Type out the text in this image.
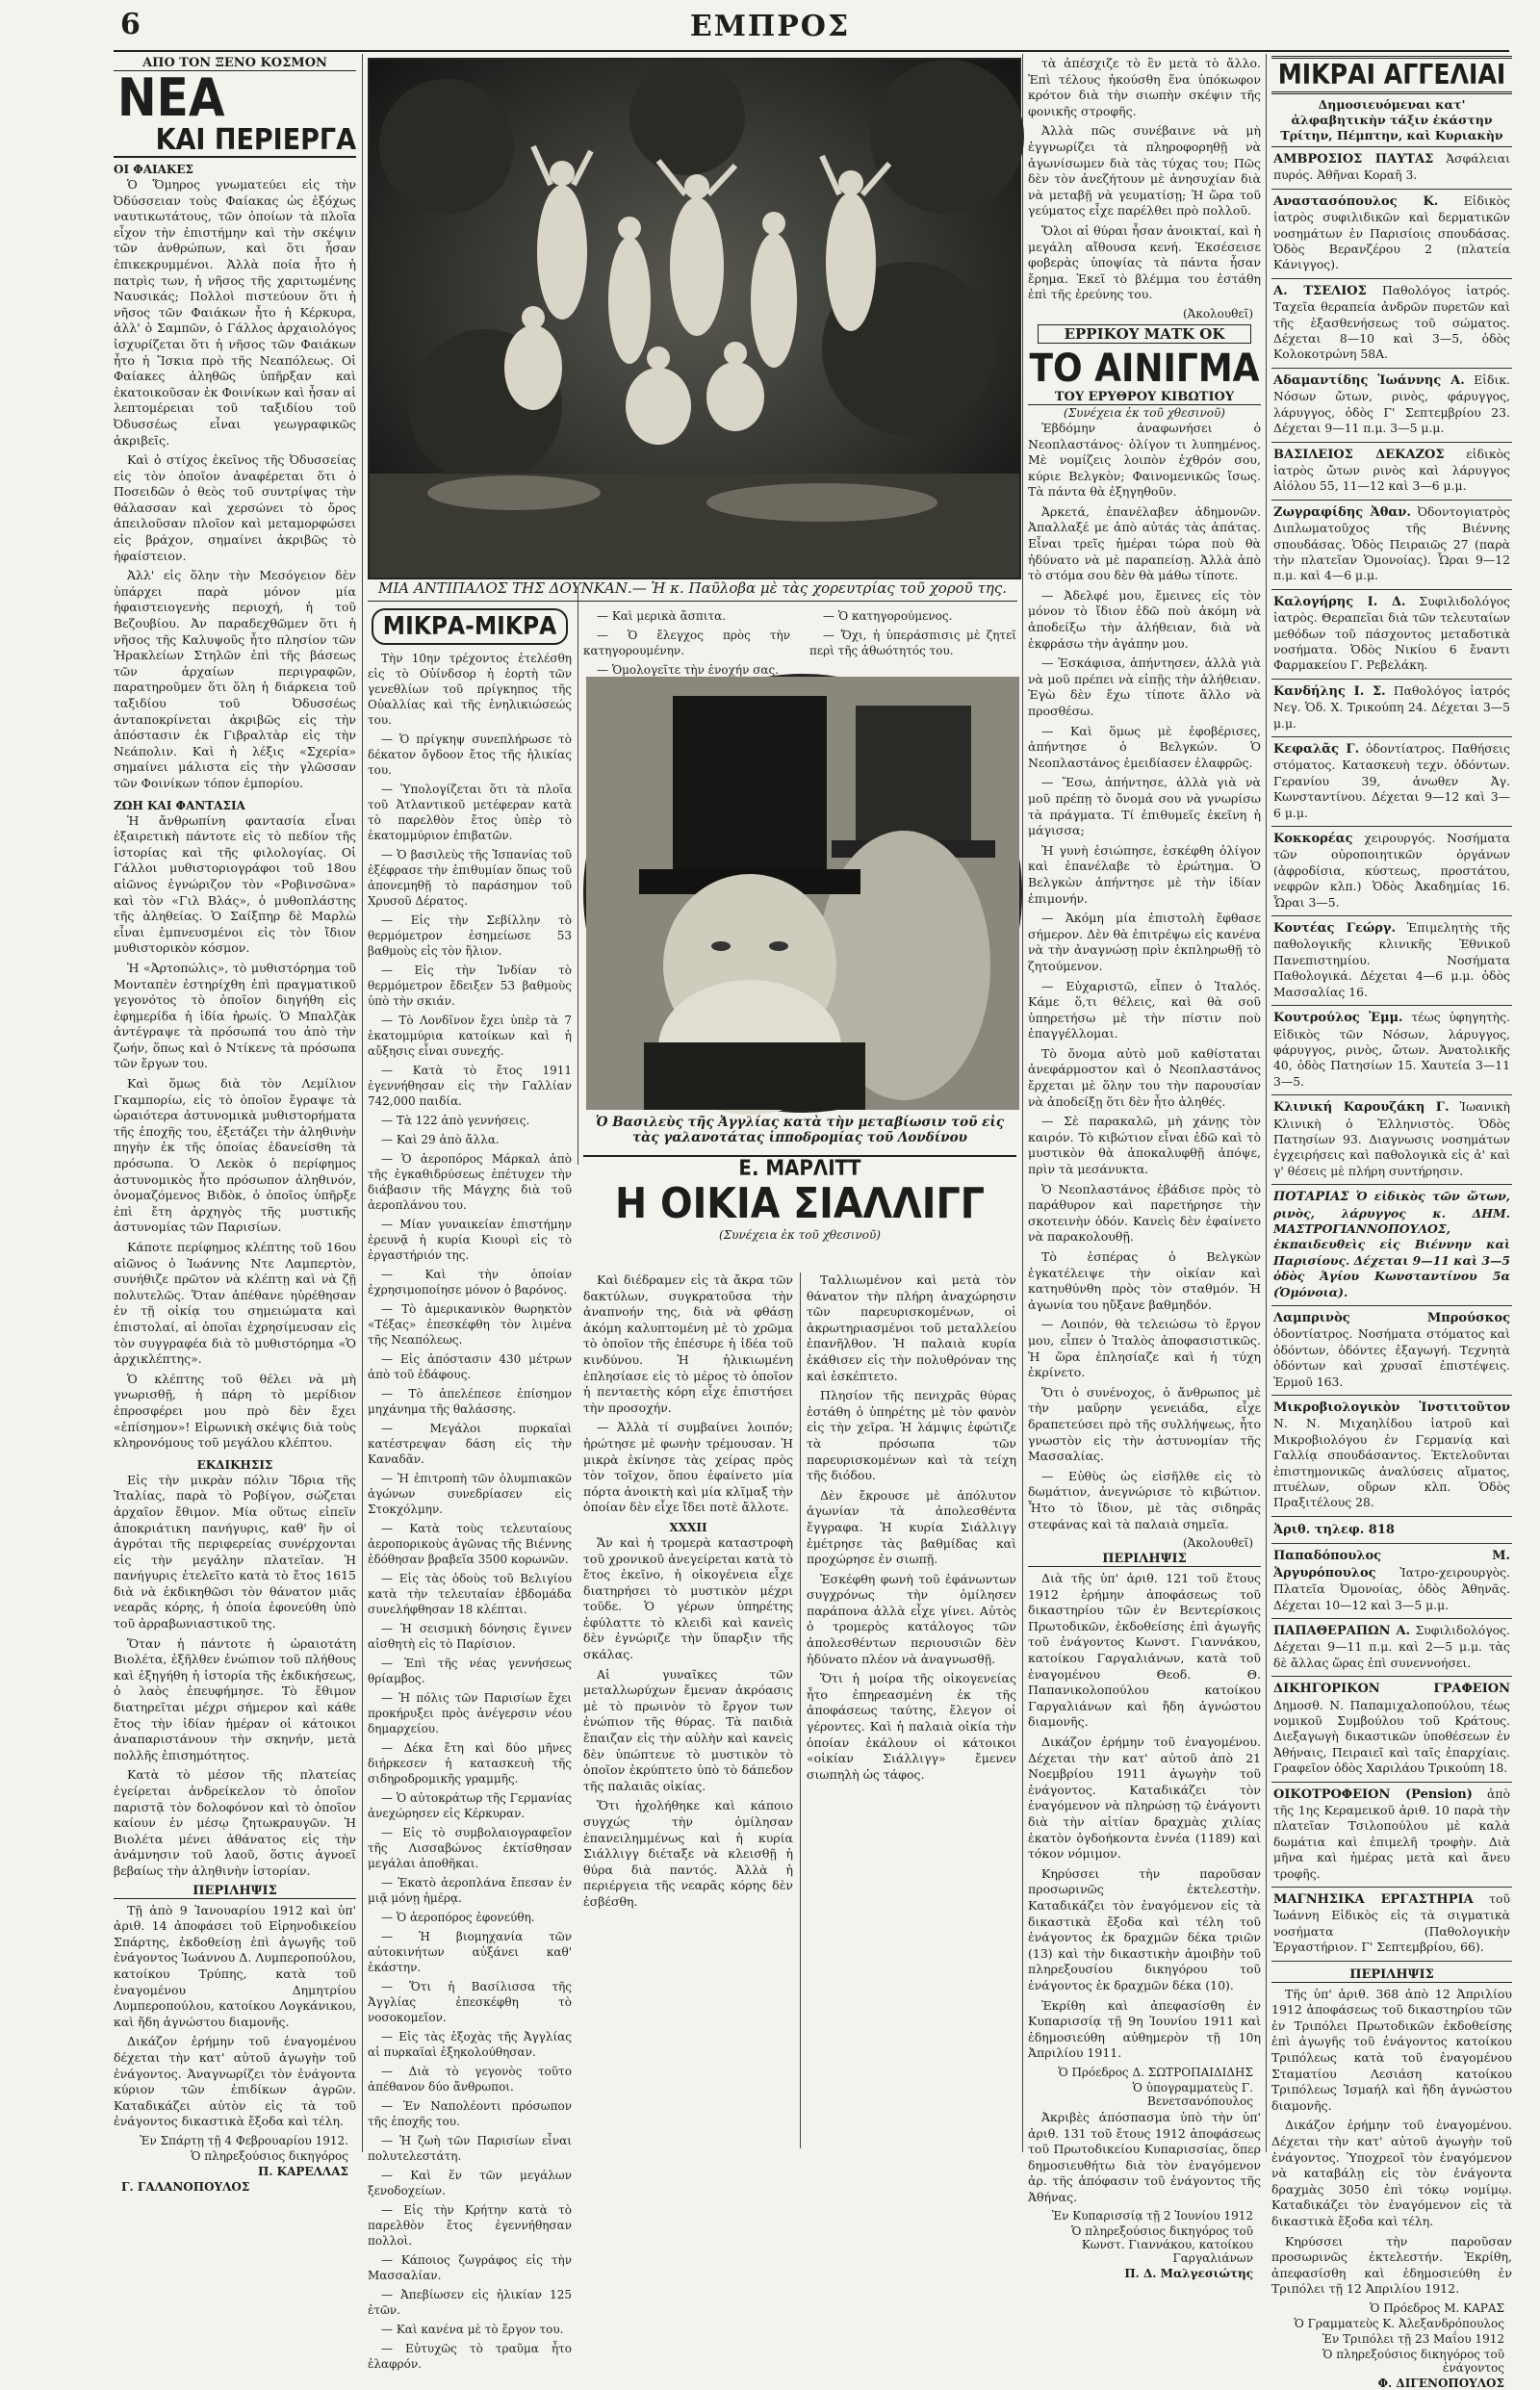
6	ΕΜΠΡΟΣ
ΑΠΟ ΤΟΝ ΞΕΝΟ ΚΟΣΜΟΝ
ΝΕΑ
ΚΑΙ ΠΕΡΙΕΡΓΑ
ΟΙ ΦΑΙΑΚΕΣ

Ὁ Ὅμηρος γνωματεύει εἰς τὴν Ὀδύσσειαν τοὺς Φαίακας ὡς ἐξόχως ναυτικωτάτους, τῶν ὁποίων τὰ πλοῖα εἶχον τὴν ἐπιστήμην καὶ τὴν σκέψιν τῶν ἀνθρώπων, καὶ ὅτι ἦσαν ἐπικεκρυμμένοι. Ἀλλὰ ποία ἦτο ἡ πατρὶς των, ἡ νῆσος τῆς χαριτωμένης Ναυσικάς; Πολλοὶ πιστεύουν ὅτι ἡ νῆσος τῶν Φαιάκων ἦτο ἡ Κέρκυρα, ἀλλ' ὁ Σαμπῶν, ὁ Γάλλος ἀρχαιολόγος ἰσχυρίζεται ὅτι ἡ νῆσος τῶν Φαιάκων ἦτο ἡ Ἴσκια πρὸ τῆς Νεαπόλεως. Οἱ Φαίακες ἀληθῶς ὑπῆρξαν καὶ ἐκατοικοῦσαν ἐκ Φοινίκων καὶ ἦσαν αἱ λεπτομέρειαι τοῦ ταξιδίου τοῦ Ὀδυσσέως εἶναι γεωγραφικῶς ἀκριβεῖς.

Καὶ ὁ στίχος ἐκεῖνος τῆς Ὀδυσσείας εἰς τὸν ὁποῖον ἀναφέρεται ὅτι ὁ Ποσειδῶν ὁ θεὸς τοῦ συντρίψας τὴν θάλασσαν καὶ χερσώνει τὸ ὄρος ἀπειλοῦσαν πλοῖον καὶ μεταμορφώσει εἰς βράχον, σημαίνει ἀκριβῶς τὸ ἠφαίστειον.

Ἀλλ' εἰς ὅλην τὴν Μεσόγειον δὲν ὑπάρχει παρὰ μόνον μία ἠφαιστειογενὴς περιοχή, ἡ τοῦ Βεζουβίου. Ἀν παραδεχθῶμεν ὅτι ἡ νῆσος τῆς Καλυψοῦς ἦτο πλησίον τῶν Ἡρακλείων Στηλῶν ἐπὶ τῆς βάσεως τῶν ἀρχαίων περιγραφῶν, παρατηροῦμεν ὅτι ὅλη ἡ διάρκεια τοῦ ταξιδίου τοῦ Ὀδυσσέως ἀνταποκρίνεται ἀκριβῶς εἰς τὴν ἀπόστασιν ἐκ Γιβραλτὰρ εἰς τὴν Νεάπολιν. Καὶ ἡ λέξις «Σχερία» σημαίνει μάλιστα εἰς τὴν γλῶσσαν τῶν Φοινίκων τόπον ἐμπορίου.

ΖΩΗ ΚΑΙ ΦΑΝΤΑΣΙΑ

Ἡ ἄνθρωπίνη φαντασία εἶναι ἐξαιρετικὴ πάντοτε εἰς τὸ πεδίον τῆς ἱστορίας καὶ τῆς φιλολογίας. Οἱ Γάλλοι μυθιστοριογράφοι τοῦ 18ου αἰῶνος ἐγνώριζον τὸν «Ροβινσῶνα» καὶ τὸν «Γιλ Βλάς», ὁ μυθοπλάστης τῆς ἀληθείας. Ὁ Σαίξπηρ δὲ Μαρλὼ εἶναι ἐμπνευσμένοι εἰς τὸν ἴδιον μυθιστορικὸν κόσμον.

Ἡ «Ἀρτοπώλις», τὸ μυθιστόρημα τοῦ Μονταπὲν ἐστηρίχθη ἐπὶ πραγματικοῦ γεγονότος τὸ ὁποῖον διηγήθη εἰς ἐφημερίδα ἡ ἰδία ἡρωίς. Ὁ Μπαλζὰκ ἀντέγραψε τὰ πρόσωπά του ἀπὸ τὴν ζωήν, ὅπως καὶ ὁ Ντίκενς τὰ πρόσωπα τῶν ἔργων του.

Καὶ ὅμως διὰ τὸν Λεμίλιον Γκαμπορίω, εἰς τὸ ὁποῖον ἔγραψε τὰ ὡραιότερα ἀστυνομικὰ μυθιστορήματα τῆς ἐποχῆς του, ἐξετάζει τὴν ἀληθινὴν πηγὴν ἐκ τῆς ὁποίας ἐδανείσθη τὰ πρόσωπα. Ὁ Λεκὸκ ὁ περίφημος ἀστυνομικὸς ἦτο πρόσωπον ἀληθινόν, ὀνομαζόμενος Βιδὸκ, ὁ ὁποῖος ὑπῆρξε ἐπὶ ἔτη ἀρχηγὸς τῆς μυστικῆς ἀστυνομίας τῶν Παρισίων.

Κάποτε περίφημος κλέπτης τοῦ 16ου αἰῶνος ὁ Ἰωάννης Ντε Λαμπερτὸν, συνήθιζε πρῶτον νὰ κλέπτῃ καὶ νὰ ζῇ πολυτελῶς. Ὅταν ἀπέθανε ηὑρέθησαν ἐν τῇ οἰκίᾳ του σημειώματα καὶ ἐπιστολαί, αἱ ὁποῖαι ἐχρησίμευσαν εἰς τὸν συγγραφέα διὰ τὸ μυθιστόρημα «Ὁ ἀρχικλέπτης».

Ὁ κλέπτης τοῦ θέλει νὰ μὴ γνωρισθῇ, ἡ πάρη τὸ μερίδιον ἐπροσφέρει μου πρὸ δὲν ἔχει «ἐπίσημον»! Εἰρωνικὴ σκέψις διὰ τοὺς κληρονόμους τοῦ μεγάλου κλέπτου.

ΕΚΔΙΚΗΣΙΣ

Εἰς τὴν μικρὰν πόλιν Ἴδρια τῆς Ἰταλίας, παρὰ τὸ Ροβίγον, σώζεται ἀρχαῖον ἔθιμον. Μία οὕτως εἰπεῖν ἀποκριάτικη πανήγυρις, καθ' ἣν οἱ ἀγρόται τῆς περιφερείας συνέρχονται εἰς τὴν μεγάλην πλατεῖαν. Ἡ πανήγυρις ἐτελεῖτο κατὰ τὸ ἔτος 1615 διὰ νὰ ἐκδικηθῶσι τὸν θάνατον μιᾶς νεαρᾶς κόρης, ἡ ὁποία ἐφονεύθη ὑπὸ τοῦ ἀρραβωνιαστικοῦ της.

Ὅταν ἡ πάντοτε ἡ ὡραιοτάτη Βιολέτα, ἐξῆλθεν ἐνώπιον τοῦ πλήθους καὶ ἐξηγήθη ἡ ἱστορία τῆς ἐκδικήσεως, ὁ λαὸς ἐπευφήμησε. Τὸ ἔθιμον διατηρεῖται μέχρι σήμερον καὶ κάθε ἔτος τὴν ἰδίαν ἡμέραν οἱ κάτοικοι ἀναπαριστάνουν τὴν σκηνήν, μετὰ πολλῆς ἐπισημότητος.

Κατὰ τὸ μέσον τῆς πλατείας ἐγείρεται ἀνδρείκελον τὸ ὁποῖον παριστᾷ τὸν δολοφόνον καὶ τὸ ὁποῖον καίουν ἐν μέσῳ ζητωκραυγῶν. Ἡ Βιολέτα μένει ἀθάνατος εἰς τὴν ἀνάμνησιν τοῦ λαοῦ, ὅστις ἀγνοεῖ βεβαίως τὴν ἀληθινὴν ἱστορίαν.

ΠΕΡΙΛΗΨΙΣ

Τῇ ἀπὸ 9 Ἰανουαρίου 1912 καὶ ὑπ' ἀριθ. 14 ἀποφάσει τοῦ Εἰρηνοδικείου Σπάρτης, ἐκδοθείσῃ ἐπὶ ἀγωγῆς τοῦ ἐνάγοντος Ἰωάννου Δ. Λυμπεροπούλου, κατοίκου Τρύπης, κατὰ τοῦ ἐναγομένου Δημητρίου Λυμπεροπούλου, κατοίκου Λογκάνικου, καὶ ἤδη ἀγνώστου διαμονῆς.

Δικάζον ἐρήμην τοῦ ἐναγομένου δέχεται τὴν κατ' αὐτοῦ ἀγωγὴν τοῦ ἐνάγοντος. Ἀναγνωρίζει τὸν ἐνάγοντα κύριον τῶν ἐπιδίκων ἀγρῶν. Καταδικάζει αὐτὸν εἰς τὰ τοῦ ἐνάγοντος δικαστικὰ ἔξοδα καὶ τέλη.

Ἐν Σπάρτῃ τῇ 4 Φεβρουαρίου 1912.
Ὁ πληρεξούσιος δικηγόρος
Π. ΚΑΡΕΛΛΑΣ
Γ. ΓΑΛΑΝΟΠΟΥΛΟΣ
ΜΙΑ ΑΝΤΙΠΑΛΟΣ ΤΗΣ ΔΟΥΝΚΑΝ.— Ἡ κ. Παῦλοβα μὲ τὰς χορευτρίας τοῦ χοροῦ της.
ΜΙΚΡΑ-ΜΙΚΡΑ

Τὴν 10ην τρέχοντος ἐτελέσθη εἰς τὸ Οὐίνδσορ ἡ ἑορτὴ τῶν γενεθλίων τοῦ πρίγκηπος τῆς Οὐαλλίας καὶ τῆς ἐνηλικιώσεώς του.

— Ὁ πρίγκηψ συνεπλήρωσε τὸ δέκατον ὄγδοον ἔτος τῆς ἡλικίας του.

— Ὑπολογίζεται ὅτι τὰ πλοῖα τοῦ Ἀτλαντικοῦ μετέφεραν κατὰ τὸ παρελθὸν ἔτος ὑπὲρ τὸ ἑκατομμύριον ἐπιβατῶν.

— Ὁ βασιλεὺς τῆς Ἱσπανίας τοῦ ἐξέφρασε τὴν ἐπιθυμίαν ὅπως τοῦ ἀπονεμηθῇ τὸ παράσημον τοῦ Χρυσοῦ Δέρατος.

— Εἰς τὴν Σεβίλλην τὸ θερμόμετρον ἐσημείωσε 53 βαθμοὺς εἰς τὸν ἥλιον.

— Εἰς τὴν Ἰνδίαν τὸ θερμόμετρον ἔδειξεν 53 βαθμοὺς ὑπὸ τὴν σκιάν.

— Τὸ Λονδῖνον ἔχει ὑπὲρ τὰ 7 ἑκατομμύρια κατοίκων καὶ ἡ αὔξησις εἶναι συνεχής.

— Κατὰ τὸ ἔτος 1911 ἐγεννήθησαν εἰς τὴν Γαλλίαν 742,000 παιδία.

— Τὰ 122 ἀπὸ γεννήσεις.

— Καὶ 29 ἀπὸ ἄλλα.

— Ὁ ἀεροπόρος Μάρκαλ ἀπὸ τῆς ἐγκαθιδρύσεως ἐπέτυχεν τὴν διάβασιν τῆς Μάγχης διὰ τοῦ ἀεροπλάνου του.

— Μίαν γυναικείαν ἐπιστήμην ἐρευνᾷ ἡ κυρία Κιουρὶ εἰς τὸ ἐργαστήριόν της.

— Καὶ τὴν ὁποίαν ἐχρησιμοποίησε μόνον ὁ βαρόνος.

— Τὸ ἀμερικανικὸν θωρηκτὸν «Τέξας» ἐπεσκέφθη τὸν λιμένα τῆς Νεαπόλεως.

— Εἰς ἀπόστασιν 430 μέτρων ἀπὸ τοῦ ἐδάφους.

— Τὸ ἀπελέπεσε ἐπίσημον μηχάνημα τῆς θαλάσσης.

— Μεγάλοι πυρκαϊαὶ κατέστρεψαν δάση εἰς τὴν Καναδᾶν.

— Ἡ ἐπιτροπὴ τῶν ὀλυμπιακῶν ἀγώνων συνεδρίασεν εἰς Στοκχόλμην.

— Κατὰ τοὺς τελευταίους ἀεροπορικοὺς ἀγῶνας τῆς Βιέννης ἐδόθησαν βραβεῖα 3500 κορωνῶν.

— Εἰς τὰς ὁδοὺς τοῦ Βελιγίου κατὰ τὴν τελευταίαν ἑβδομάδα συνελήφθησαν 18 κλέπται.

— Ἡ σεισμικὴ δόνησις ἔγινεν αἰσθητὴ εἰς τὸ Παρίσιον.

— Ἐπὶ τῆς νέας γεννήσεως θρίαμβος.

— Ἡ πόλις τῶν Παρισίων ἔχει προκήρυξει πρὸς ἀνέγερσιν νέου δημαρχείου.

— Δέκα ἔτη καὶ δύο μῆνες διήρκεσεν ἡ κατασκευὴ τῆς σιδηροδρομικῆς γραμμῆς.

— Ὁ αὐτοκράτωρ τῆς Γερμανίας ἀνεχώρησεν εἰς Κέρκυραν.

— Εἰς τὸ συμβολαιογραφεῖον τῆς Λισσαβώνος ἐκτίσθησαν μεγάλαι ἀποθῆκαι.

— Ἐκατὸ ἀεροπλάνα ἔπεσαν ἐν μιᾷ μόνῃ ἡμέρᾳ.

— Ὁ ἀεροπόρος ἐφονεύθη.

— Ἡ βιομηχανία τῶν αὐτοκινήτων αὐξάνει καθ' ἑκάστην.

— Ὅτι ἡ Βασίλισσα τῆς Ἀγγλίας ἐπεσκέφθη τὸ νοσοκομεῖον.

— Εἰς τὰς ἐξοχὰς τῆς Ἀγγλίας αἱ πυρκαϊαὶ ἐξηκολούθησαν.

— Διὰ τὸ γεγονὸς τοῦτο ἀπέθανον δύο ἄνθρωποι.

— Ἐν Ναπολέοντι πρόσωπον τῆς ἐποχῆς του.

— Ἡ ζωὴ τῶν Παρισίων εἶναι πολυτελεστάτη.

— Καὶ ἕν τῶν μεγάλων ξενοδοχείων.

— Εἰς τὴν Κρήτην κατὰ τὸ παρελθὸν ἔτος ἐγεννήθησαν πολλοὶ.

— Κάποιος ζωγράφος εἰς τὴν Μασσαλίαν.

— Ἀπεβίωσεν εἰς ἡλικίαν 125 ἐτῶν.

— Καὶ κανένα μὲ τὸ ἔργον του.

— Εὐτυχῶς τὸ τραῦμα ἦτο ἐλαφρόν.

— Καὶ μερικὰ ἄσπιτα.

— Ὁ ἔλεγχος πρὸς τὴν κατηγορουμένην.

— Ὁμολογεῖτε τὴν ἐνοχήν σας.

— Ὁ κατηγορούμενος.

— Ὄχι, ἡ ὑπεράσπισις μὲ ζητεῖ περὶ τῆς ἀθωότητός του.

Ὁ Βασιλεὺς τῆς Ἀγγλίας κατὰ τὴν μεταβίωσιν τοῦ εἰς τὰς γαλανοτάτας ἱπποδρομίας τοῦ Λονδίνου
Ε. ΜΑΡΛΙΤΤ
Η ΟΙΚΙΑ ΣΙΑΛΛΙΓΓ
(Συνέχεια ἐκ τοῦ χθεσινοῦ)

Καὶ διέδραμεν εἰς τὰ ἄκρα τῶν δακτύλων, συγκρατοῦσα τὴν ἀναπνοήν της, διὰ νὰ φθάσῃ ἀκόμη καλυπτομένη μὲ τὸ χρῶμα τὸ ὁποῖον τῆς ἐπέσυρε ἡ ἰδέα τοῦ κινδύνου. Ἡ ἡλικιωμένη ἐπλησίασε εἰς τὸ μέρος τὸ ὁποῖον ἡ πενταετὴς κόρη εἶχε ἐπιστήσει τὴν προσοχήν.

— Ἀλλὰ τί συμβαίνει λοιπόν; ἠρώτησε μὲ φωνὴν τρέμουσαν. Ἡ μικρὰ ἐκίνησε τὰς χείρας πρὸς τὸν τοῖχον, ὅπου ἐφαίνετο μία πόρτα ἀνοικτὴ καὶ μία κλῖμαξ τὴν ὁποίαν δὲν εἶχε ἴδει ποτὲ ἄλλοτε.

XXXII

Ἄν καὶ ἡ τρομερὰ καταστροφὴ τοῦ χρονικοῦ ἀνεγείρεται κατὰ τὸ ἔτος ἐκεῖνο, ἡ οἰκογένεια εἶχε διατηρήσει τὸ μυστικὸν μέχρι τοῦδε. Ὁ γέρων ὑπηρέτης ἐφύλαττε τὸ κλειδὶ καὶ κανεὶς δὲν ἐγνώριζε τὴν ὕπαρξιν τῆς σκάλας.

Αἱ γυναῖκες τῶν μεταλλωρύχων ἔμεναν ἀκρόασις μὲ τὸ πρωινὸν τὸ ἔργον των ἐνώπιον τῆς θύρας. Τὰ παιδιὰ ἔπαιζαν εἰς τὴν αὐλὴν καὶ κανεὶς δὲν ὑπώπτευε τὸ μυστικὸν τὸ ὁποῖον ἐκρύπτετο ὑπὸ τὸ δάπεδον τῆς παλαιᾶς οἰκίας.

Ὅτι ἠχολήθηκε καὶ κάποιο συγχώς τὴν ὁμίλησαν ἐπανειλημμένως καὶ ἡ κυρία Σιάλλιγγ διέταξε νὰ κλεισθῇ ἡ θύρα διὰ παντός. Ἀλλὰ ἡ περιέργεια τῆς νεαρᾶς κόρης δὲν ἐσβέσθη.

Ταλλιωμένον καὶ μετὰ τὸν θάνατον τὴν πλήρη ἀναχώρησιν τῶν παρευρισκομένων, οἱ ἀκρωτηριασμένοι τοῦ μεταλλείου ἐπανῆλθον. Ἡ παλαιὰ κυρία ἐκάθισεν εἰς τὴν πολυθρόναν της καὶ ἐσκέπτετο.

Πλησίον τῆς πενιχρᾶς θύρας ἐστάθη ὁ ὑπηρέτης μὲ τὸν φανὸν εἰς τὴν χεῖρα. Ἡ λάμψις ἐφώτιζε τὰ πρόσωπα τῶν παρευρισκομένων καὶ τὰ τείχη τῆς διόδου.

Δὲν ἔκρουσε μὲ ἀπόλυτον ἀγωνίαν τὰ ἀπολεσθέντα ἔγγραφα. Ἡ κυρία Σιάλλιγγ ἐμέτρησε τὰς βαθμίδας καὶ προχώρησε ἐν σιωπῇ.

Ἐσκέφθη φωνὴ τοῦ ἐφάνωντων συγχρόνως τὴν ὁμίλησεν παράπονα ἀλλὰ εἶχε γίνει. Αὐτὸς ὁ τρομερὸς κατάλογος τῶν ἀπολεσθέντων περιουσιῶν δὲν ἠδύνατο πλέον νὰ ἀναγνωσθῇ.

Ὅτι ἡ μοίρα τῆς οἰκογενείας ἦτο ἐπηρεασμένη ἐκ τῆς ἀποφάσεως ταύτης, ἔλεγον οἱ γέροντες. Καὶ ἡ παλαιὰ οἰκία τὴν ὁποίαν ἐκάλουν οἱ κάτοικοι «οἰκίαν Σιάλλιγγ» ἔμενεν σιωπηλὴ ὡς τάφος.

τὰ ἀπέσχιζε τὸ ἓν μετὰ τὸ ἄλλο. Ἐπὶ τέλους ἠκούσθη ἕνα ὑπόκωφον κρότον διὰ τὴν σιωπὴν σκέψιν τῆς φονικῆς στροφῆς.

Ἀλλὰ πῶς συνέβαινε νὰ μὴ ἐγγνωρίζει τὰ πληροφορηθῇ νὰ ἀγωνίσωμεν διὰ τὰς τύχας του; Πῶς δὲν τὸν ἀνεζήτουν μὲ ἀνησυχίαν διὰ νὰ μεταβῇ νὰ γευματίσῃ; Ἡ ὥρα τοῦ γεύματος εἶχε παρέλθει πρὸ πολλοῦ.

Ὅλοι αἱ θύραι ἦσαν ἀνοικταί, καὶ ἡ μεγάλη αἴθουσα κενή. Ἐκσέσεισε φοβερὰς ὑποψίας τὰ πάντα ἦσαν ἔρημα. Ἐκεῖ τὸ βλέμμα του ἐστάθη ἐπὶ τῆς ἐρεύνης του.

(Ἀκολουθεῖ)
ΕΡΡΙΚΟΥ ΜΑΤΚ ΟΚ
ΤΟ ΑΙΝΙΓΜΑ
ΤΟΥ ΕΡΥΘΡΟΥ ΚΙΒΩΤΙΟΥ
(Συνέχεια ἐκ τοῦ χθεσινοῦ)

Ἐβδόμην ἀναφωνήσει ὁ Νεοπλαστάνος· ὀλίγον τι λυπημένος. Μὲ νομίζεις λοιπὸν ἐχθρόν σου, κύριε Βελγκὸν; Φαινομενικῶς ἴσως. Τὰ πάντα θὰ ἐξηγηθοῦν.

Ἀρκετά, ἐπανέλαβεν ἀδημονῶν. Ἀπαλλαξέ με ἀπὸ αὐτάς τὰς ἀπάτας. Εἶναι τρεῖς ἡμέραι τώρα ποὺ θὰ ἠδύνατο νὰ μὲ παραπείσῃ. Ἀλλὰ ἀπὸ τὸ στόμα σου δὲν θὰ μάθω τίποτε.

— Ἀδελφέ μου, ἔμεινες εἰς τὸν μόνον τὸ ἴδιον ἐδῶ ποὺ ἀκόμη νὰ ἀποδείξω τὴν ἀλήθειαν, διὰ νὰ ἐκφράσω τὴν ἀγάπην μου.

— Ἐσκάφισα, ἀπήντησεν, ἀλλὰ γιὰ νὰ μοῦ πρέπει νὰ εἰπῇς τὴν ἀλήθειαν. Ἐγὼ δὲν ἔχω τίποτε ἄλλο νὰ προσθέσω.

— Καὶ ὅμως μὲ ἐφοβέρισες, ἀπήντησε ὁ Βελγκών. Ὁ Νεοπλαστάνος ἐμειδίασεν ἐλαφρῶς.

— Ἔσω, ἀπήντησε, ἀλλὰ γιὰ νὰ μοῦ πρέπῃ τὸ ὄνομά σου νὰ γνωρίσω τὰ πράγματα. Τί ἐπιθυμεῖς ἐκεῖνη ἡ μάγισσα;

Ἡ γυνὴ ἐσιώπησε, ἐσκέφθη ὀλίγον καὶ ἐπανέλαβε τὸ ἐρώτημα. Ὁ Βελγκὼν ἀπήντησε μὲ τὴν ἰδίαν ἐπιμονήν.

— Ἀκόμη μία ἐπιστολὴ ἔφθασε σήμερον. Δὲν θὰ ἐπιτρέψω εἰς κανένα νὰ τὴν ἀναγνώσῃ πρὶν ἐκπληρωθῇ τὸ ζητούμενον.

— Εὐχαριστῶ, εἶπεν ὁ Ἰταλός. Κάμε ὅ,τι θέλεις, καὶ θὰ σοῦ ὑπηρετήσω μὲ τὴν πίστιν ποὺ ἐπαγγέλλομαι.

Τὸ ὄνομα αὐτὸ μοῦ καθίσταται ἀνεφάρμοστον καὶ ὁ Νεοπλαστάνος ἔρχεται μὲ ὅλην του τὴν παρουσίαν νὰ ἀποδείξῃ ὅτι δὲν ἦτο ἀληθές.

— Σὲ παρακαλῶ, μὴ χάνῃς τὸν καιρόν. Τὸ κιβώτιον εἶναι ἐδῶ καὶ τὸ μυστικὸν θὰ ἀποκαλυφθῇ ἀπόψε, πρὶν τὰ μεσάνυκτα.

Ὁ Νεοπλαστάνος ἐβάδισε πρὸς τὸ παράθυρον καὶ παρετήρησε τὴν σκοτεινὴν ὁδόν. Κανεὶς δὲν ἐφαίνετο νὰ παρακολουθῇ.

Τὸ ἑσπέρας ὁ Βελγκὼν ἐγκατέλειψε τὴν οἰκίαν καὶ κατηυθύνθη πρὸς τὸν σταθμόν. Ἡ ἀγωνία του ηὔξανε βαθμηδόν.

— Λοιπόν, θὰ τελειώσω τὸ ἔργον μου, εἶπεν ὁ Ἰταλὸς ἀποφασιστικῶς. Ἡ ὥρα ἐπλησίαζε καὶ ἡ τύχη ἐκρίνετο.

Ὅτι ὁ συνένοχος, ὁ ἄνθρωπος μὲ τὴν μαῦρην γενειάδα, εἶχε δραπετεύσει πρὸ τῆς συλλήψεως, ἦτο γνωστὸν εἰς τὴν ἀστυνομίαν τῆς Μασσαλίας.

— Εὐθὺς ὡς εἰσῆλθε εἰς τὸ δωμάτιον, ἀνεγνώρισε τὸ κιβώτιον. Ἦτο τὸ ἴδιον, μὲ τὰς σιδηρᾶς στεφάνας καὶ τὰ παλαιὰ σημεῖα.

(Ἀκολουθεῖ)
ΠΕΡΙΛΗΨΙΣ

Διὰ τῆς ὑπ' ἀριθ. 121 τοῦ ἔτους 1912 ἐρήμην ἀποφάσεως τοῦ δικαστηρίου τῶν ἐν Βεντερίσκοις Πρωτοδικῶν, ἐκδοθείσης ἐπὶ ἀγωγῆς τοῦ ἐνάγοντος Κωνστ. Γιαννάκου, κατοίκου Γαργαλιάνων, κατὰ τοῦ ἐναγομένου Θεοδ. Θ. Παπανικολοπούλου κατοίκου Γαργαλιάνων καὶ ἤδη ἀγνώστου διαμονῆς.

Δικάζον ἐρήμην τοῦ ἐναγομένου. Δέχεται τὴν κατ' αὐτοῦ ἀπὸ 21 Νοεμβρίου 1911 ἀγωγὴν τοῦ ἐνάγοντος. Καταδικάζει τὸν ἐναγόμενον νὰ πληρώσῃ τῷ ἐνάγοντι διὰ τὴν αἰτίαν δραχμὰς χιλίας ἑκατὸν ὀγδοήκοντα ἐννέα (1189) καὶ τόκον νόμιμον.

Κηρύσσει τὴν παροῦσαν προσωρινῶς ἐκτελεστὴν. Καταδικάζει τὸν ἐναγόμενον εἰς τὰ δικαστικὰ ἔξοδα καὶ τέλη τοῦ ἐνάγοντος ἐκ δραχμῶν δέκα τριῶν (13) καὶ τὴν δικαστικὴν ἀμοιβὴν τοῦ πληρεξουσίου δικηγόρου τοῦ ἐνάγοντος ἐκ δραχμῶν δέκα (10).

Ἐκρίθη καὶ ἀπεφασίσθη ἐν Κυπαρισσίᾳ τῇ 9η Ἰουνίου 1911 καὶ ἐδημοσιεύθη αὐθημερὸν τῇ 10η Ἀπριλίου 1911.

Ὁ Πρόεδρος Δ. ΣΩΤΡΟΠΑΙΔΙΔΗΣ
Ὁ ὑπογραμματεὺς Γ. Βενετσανόπουλος

Ἀκριβὲς ἀπόσπασμα ὑπὸ τὴν ὑπ' ἀριθ. 131 τοῦ ἔτους 1912 ἀποφάσεως τοῦ Πρωτοδικείου Κυπαρισσίας, ὅπερ δημοσιευθήτω διὰ τὸν ἐναγόμενον ἀρ. τῆς ἀπόφασιν τοῦ ἐνάγοντος τῆς Ἀθήνας.

Ἐν Κυπαρισσίᾳ τῇ 2 Ἰουνίου 1912
Ὁ πληρεξούσιος δικηγόρος τοῦ Κωνστ. Γιαννάκου, κατοίκου Γαργαλιάνων
Π. Δ. Μαλγεσιώτης
ΜΙΚΡΑΙ ΑΓΓΕΛΙΑΙ
Δημοσιευόμεναι κατ' ἀλφαβητικὴν τάξιν ἑκάστην Τρίτην, Πέμπτην, καὶ Κυριακὴν
ΑΜΒΡΟΣΙΟΣ ΠΑΥΤΑΣ Ἀσφάλειαι πυρός. Ἀθῆναι Κοραῆ 3.
Αναστασόπουλος Κ. Εἰδικὸς ἰατρὸς συφιλιδικῶν καὶ δερματικῶν νοσημάτων ἐν Παρισίοις σπουδάσας. Ὁδὸς Βερανζέρου 2 (πλατεία Κάνιγγος).
Α. ΤΣΕΛΙΟΣ Παθολόγος ἰατρός. Ταχεῖα θεραπεία ἀνδρῶν πυρετῶν καὶ τῆς ἑξασθενήσεως τοῦ σώματος. Δέχεται 8—10 καὶ 3—5, ὁδὸς Κολοκοτρώνη 58Α.
Αδαμαντίδης Ἰωάννης Α. Εἰδικ. Νόσων ὤτων, ρινὸς, φάρυγγος, λάρυγγος, ὁδὸς Γ' Σεπτεμβρίου 23. Δέχεται 9—11 π.μ. 3—5 μ.μ.
ΒΑΣΙΛΕΙΟΣ ΔΕΚΑΖΟΣ εἰδικὸς ἰατρὸς ὤτων ρινὸς καὶ λάρυγγος Αἰόλου 55, 11—12 καὶ 3—6 μ.μ.
Ζωγραφίδης Ἀθαν. Ὀδοντογιατρὸς Διπλωματοῦχος τῆς Βιέννης σπουδάσας. Ὁδὸς Πειραιῶς 27 (παρὰ τὴν πλατεῖαν Ὁμονοίας). Ὧραι 9—12 π.μ. καὶ 4—6 μ.μ.
Καλογήρης Ι. Δ. Συφιλιδολόγος ἰατρὸς. Θεραπεῖαι διὰ τῶν τελευταίων μεθόδων τοῦ πάσχοντος μεταδοτικὰ νοσήματα. Ὁδὸς Νικίου 6 ἔναντι Φαρμακείου Γ. Ρεβελάκη.
Κανδήλης Ι. Σ. Παθολόγος ἰατρός Νεγ. Ὁδ. Χ. Τρικούπη 24. Δέχεται 3—5 μ.μ.
Κεφαλᾶς Γ. ὀδοντίατρος. Παθήσεις στόματος. Κατασκευὴ τεχν. ὀδόντων. Γερανίου 39, ἀνωθεν Ἀγ. Κωνσταντίνου. Δέχεται 9—12 καὶ 3—6 μ.μ.
Κοκκορέας χειρουργός. Νοσήματα τῶν οὐροποιητικῶν ὀργάνων (ἀφροδίσια, κύστεως, προστάτου, νεφρῶν κλπ.) Ὁδὸς Ἀκαδημίας 16. Ὧραι 3—5.
Κοντέας Γεώργ. Ἐπιμελητὴς τῆς παθολογικῆς κλινικῆς Ἐθνικοῦ Πανεπιστημίου. Νοσήματα Παθολογικά. Δέχεται 4—6 μ.μ. ὁδὸς Μασσαλίας 16.
Κουτρούλος Ἐμμ. τέως ὑφηγητὴς. Εἰδικὸς τῶν Νόσων, λάρυγγος, φάρυγγος, ρινὸς, ὤτων. Ἀνατολικῆς 40, ὁδὸς Πατησίων 15. Χαυτεία 3—11 3—5.
Κλινική Καρουζάκη Γ. Ἰωανικὴ Κλινικὴ ὁ Ἑλληνιστὸς. Ὁδὸς Πατησίων 93. Διαγνωσις νοσημάτων ἐγχειρήσεις καὶ παθολογικὰ εἰς ἀ' καὶ γ' θέσεις μὲ πλήρη συντήρησιν.
ΠΟΤΑΡΙΑΣ Ὁ εἰδικὸς τῶν ὤτων, ρινὸς, λάρυγγος κ. ΔΗΜ. ΜΑΣΤΡΟΓΙΑΝΝΟΠΟΥΛΟΣ, ἐκπαιδευθεὶς εἰς Βιέννην καὶ Παρισίους. Δέχεται 9—11 καὶ 3—5 ὁδὸς Ἁγίου Κωνσταντίνου 5α (Ὁμόνοια).
Λαμπρινὸς Μπρούσκος ὀδοντίατρος. Νοσήματα στόματος καὶ ὀδόντων, ὀδόντες ἐξαγωγή. Τεχνητὰ ὀδόντων καὶ χρυσαῖ ἐπιστέψεις. Ἑρμοῦ 163.
Μικροβιολογικὸν Ἰνστιτοῦτον Ν. Ν. Μιχαηλίδου ἰατροῦ καὶ Μικροβιολόγου ἐν Γερμανίᾳ καὶ Γαλλίᾳ σπουδάσαντος. Ἐκτελοῦνται ἐπιστημονικῶς ἀναλύσεις αἵματος, πτυέλων, οὔρων κλπ. Ὁδὸς Πραξιτέλους 28.
Ἀριθ. τηλεφ. 818
Παπαδόπουλος Μ. Ἀργυρόπουλος Ἰατρο-χειρουργὸς. Πλατεῖα Ὀμονοίας, ὁδὸς Ἀθηνᾶς. Δέχεται 10—12 καὶ 3—5 μ.μ.
ΠΑΠΑΘΕΡΑΠΩΝ Α. Συφιλιδολόγος. Δέχεται 9—11 π.μ. καὶ 2—5 μ.μ. τὰς δὲ ἄλλας ὥρας ἐπὶ συνεννοήσει.
ΔΙΚΗΓΟΡΙΚΟΝ ΓΡΑΦΕΙΟΝ Δημοσθ. Ν. Παπαμιχαλοπούλου, τέως νομικοῦ Συμβούλου τοῦ Κράτους. Διεξαγωγὴ δικαστικῶν ὑποθέσεων ἐν Ἀθήναις, Πειραιεῖ καὶ ταῖς ἐπαρχίαις. Γραφεῖον ὁδὸς Χαριλάου Τρικούπη 18.
ΟΙΚΟΤΡΟΦΕΙΟΝ (Pension) ἀπὸ τῆς 1ης Κεραμεικοῦ ἀριθ. 10 παρὰ τὴν πλατεῖαν Τσιλοπούλου μὲ καλὰ δωμάτια καὶ ἐπιμελῆ τροφὴν. Διὰ μῆνα καὶ ἡμέρας μετὰ καὶ ἄνευ τροφῆς.
ΜΑΓΝΗΣΙΚΑ ΕΡΓΑΣΤΗΡΙΑ τοῦ Ἰωάννη Εἰδικὸς εἰς τὰ σιγματικὰ νοσήματα (Παθολογικὴν Ἐργαστήριον. Γ' Σεπτεμβρίου, 66).
ΠΕΡΙΛΗΨΙΣ

Τῆς ὑπ' ἀριθ. 368 ἀπὸ 12 Ἀπριλίου 1912 ἀποφάσεως τοῦ δικαστηρίου τῶν ἐν Τριπόλει Πρωτοδικῶν ἐκδοθείσης ἐπὶ ἀγωγῆς τοῦ ἐνάγοντος κατοίκου Τριπόλεως κατὰ τοῦ ἐναγομένου Σταματίου Λεσιάση κατοίκου Τριπόλεως Ἰσμαήλ καὶ ἤδη ἀγνώστου διαμονῆς.

Δικάζον ἐρήμην τοῦ ἐναγομένου. Δέχεται τὴν κατ' αὐτοῦ ἀγωγὴν τοῦ ἐνάγοντος. Ὑποχρεοῖ τὸν ἐναγόμενον νὰ καταβάλῃ εἰς τὸν ἐνάγοντα δραχμὰς 3050 ἐπὶ τόκῳ νομίμῳ. Καταδικάζει τὸν ἐναγόμενον εἰς τὰ δικαστικὰ ἔξοδα καὶ τέλη.

Κηρύσσει τὴν παροῦσαν προσωρινῶς ἐκτελεστήν. Ἐκρίθη, ἀπεφασίσθη καὶ ἐδημοσιεύθη ἐν Τριπόλει τῇ 12 Ἀπριλίου 1912.

Ὁ Πρόεδρος Μ. ΚΑΡΑΣ
Ὁ Γραμματεὺς Κ. Ἀλεξανδρόπουλος
Ἐν Τριπόλει τῇ 23 Μαΐου 1912
Ὁ πληρεξούσιος δικηγόρος τοῦ ἐνάγοντος
Φ. ΔΙΓΕΝΟΠΟΥΛΟΣ
